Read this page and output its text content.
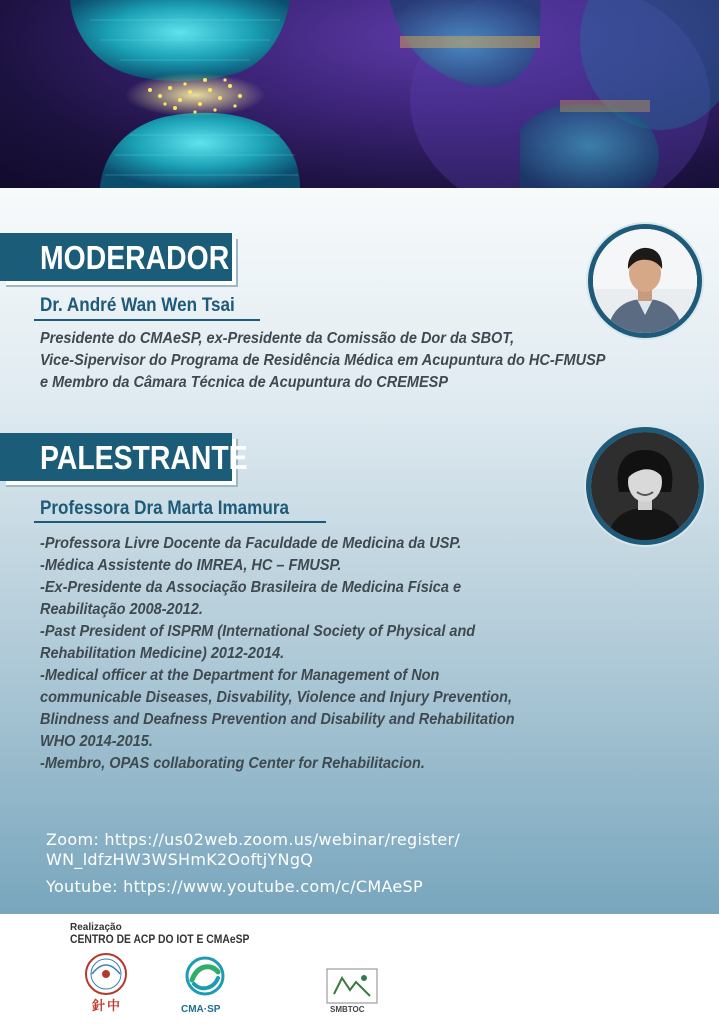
MODERADOR
Dr. André Wan Wen Tsai
Presidente do CMAeSP, ex-Presidente da Comissão de Dor da SBOT,
Vice-Sipervisor do Programa de Residência Médica em Acupuntura do HC-FMUSP
e Membro da Câmara Técnica de Acupuntura do CREMESP
PALESTRANTE
Professora Dra Marta Imamura
-Professora Livre Docente da Faculdade de Medicina da USP.
-Médica Assistente do IMREA, HC – FMUSP.
-Ex-Presidente da Associação Brasileira de Medicina Física e
Reabilitação 2008-2012.
-Past President of ISPRM (International Society of Physical and
Rehabilitation Medicine) 2012-2014.
-Medical officer at the Department for Management of Non
communicable Diseases, Disvability, Violence and Injury Prevention,
Blindness and Deafness Prevention and Disability and Rehabilitation
WHO 2014-2015.
-Membro, OPAS collaborating Center for Rehabilitacion.
Zoom: https://us02web.zoom.us/webinar/register/
WN_ldfzHW3WSHmK2OoftjYNgQ
Youtube: https://www.youtube.com/c/CMAeSP
Realização
CENTRO DE ACP DO IOT E CMAeSP
針 中	CMA·SP	SMBTOC
